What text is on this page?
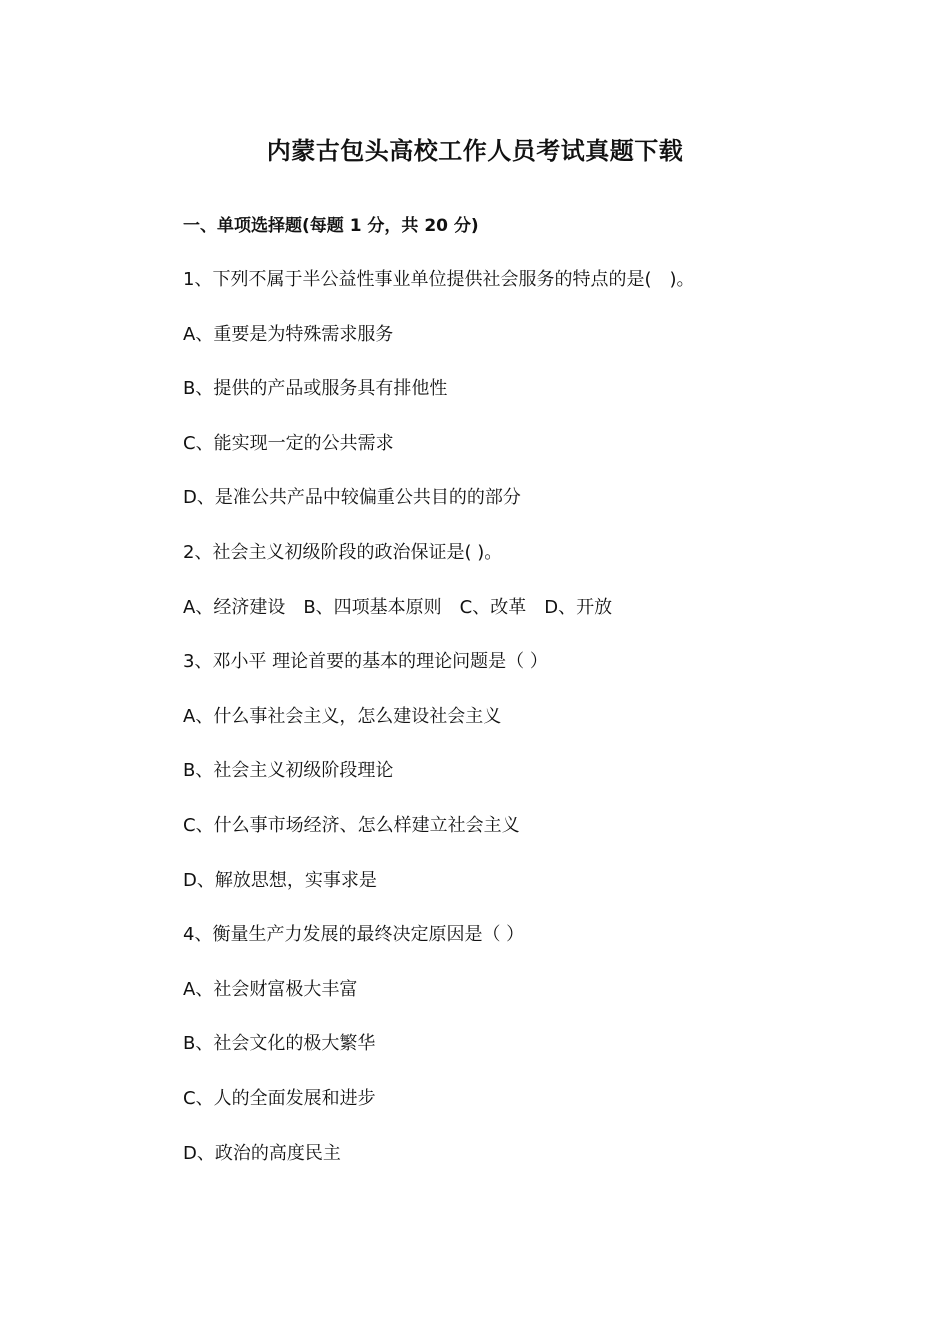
内蒙古包头高校工作人员考试真题下载
一、单项选择题(每题 1 分，共 20 分)
1、下列不属于半公益性事业单位提供社会服务的特点的是(　)。
A、重要是为特殊需求服务
B、提供的产品或服务具有排他性
C、能实现一定的公共需求
D、是准公共产品中较偏重公共目的的部分
2、社会主义初级阶段的政治保证是( )。
A、经济建设　B、四项基本原则　C、改革　D、开放
3、邓小平 理论首要的基本的理论问题是（ ）
A、什么事社会主义，怎么建设社会主义
B、社会主义初级阶段理论
C、什么事市场经济、怎么样建立社会主义
D、解放思想，实事求是
4、衡量生产力发展的最终决定原因是（ ）
A、社会财富极大丰富
B、社会文化的极大繁华
C、人的全面发展和进步
D、政治的高度民主
